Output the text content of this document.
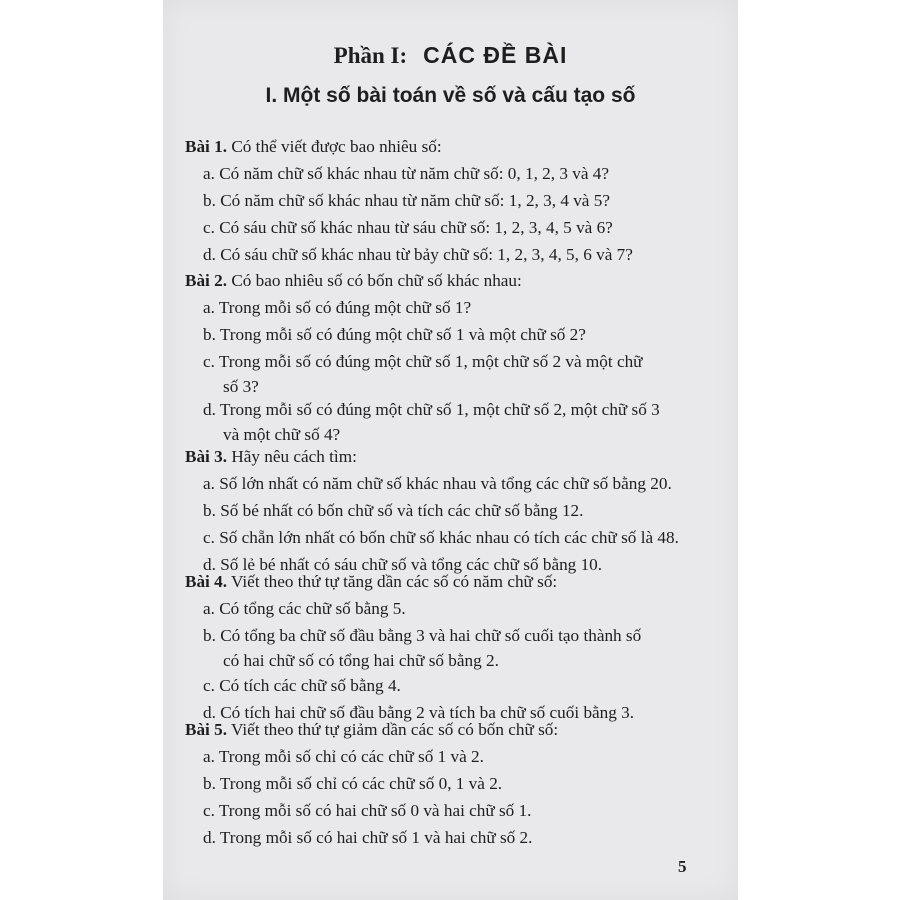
Phần I: CÁC ĐỀ BÀI
I. Một số bài toán về số và cấu tạo số
Bài 1. Có thể viết được bao nhiêu số:
a. Có năm chữ số khác nhau từ năm chữ số: 0, 1, 2, 3 và 4?
b. Có năm chữ số khác nhau từ năm chữ số: 1, 2, 3, 4 và 5?
c. Có sáu chữ số khác nhau từ sáu chữ số: 1, 2, 3, 4, 5 và 6?
d. Có sáu chữ số khác nhau từ bảy chữ số: 1, 2, 3, 4, 5, 6 và 7?
Bài 2. Có bao nhiêu số có bốn chữ số khác nhau:
a. Trong mỗi số có đúng một chữ số 1?
b. Trong mỗi số có đúng một chữ số 1 và một chữ số 2?
c. Trong mỗi số có đúng một chữ số 1, một chữ số 2 và một chữ
số 3?
d. Trong mỗi số có đúng một chữ số 1, một chữ số 2, một chữ số 3
và một chữ số 4?
Bài 3. Hãy nêu cách tìm:
a. Số lớn nhất có năm chữ số khác nhau và tổng các chữ số bằng 20.
b. Số bé nhất có bốn chữ số và tích các chữ số bằng 12.
c. Số chẵn lớn nhất có bốn chữ số khác nhau có tích các chữ số là 48.
d. Số lẻ bé nhất có sáu chữ số và tổng các chữ số bằng 10.
Bài 4. Viết theo thứ tự tăng dần các số có năm chữ số:
a. Có tổng các chữ số bằng 5.
b. Có tổng ba chữ số đầu bằng 3 và hai chữ số cuối tạo thành số
có hai chữ số có tổng hai chữ số bằng 2.
c. Có tích các chữ số bằng 4.
d. Có tích hai chữ số đầu bằng 2 và tích ba chữ số cuối bằng 3.
Bài 5. Viết theo thứ tự giảm dần các số có bốn chữ số:
a. Trong mỗi số chỉ có các chữ số 1 và 2.
b. Trong mỗi số chỉ có các chữ số 0, 1 và 2.
c. Trong mỗi số có hai chữ số 0 và hai chữ số 1.
d. Trong mỗi số có hai chữ số 1 và hai chữ số 2.
5
